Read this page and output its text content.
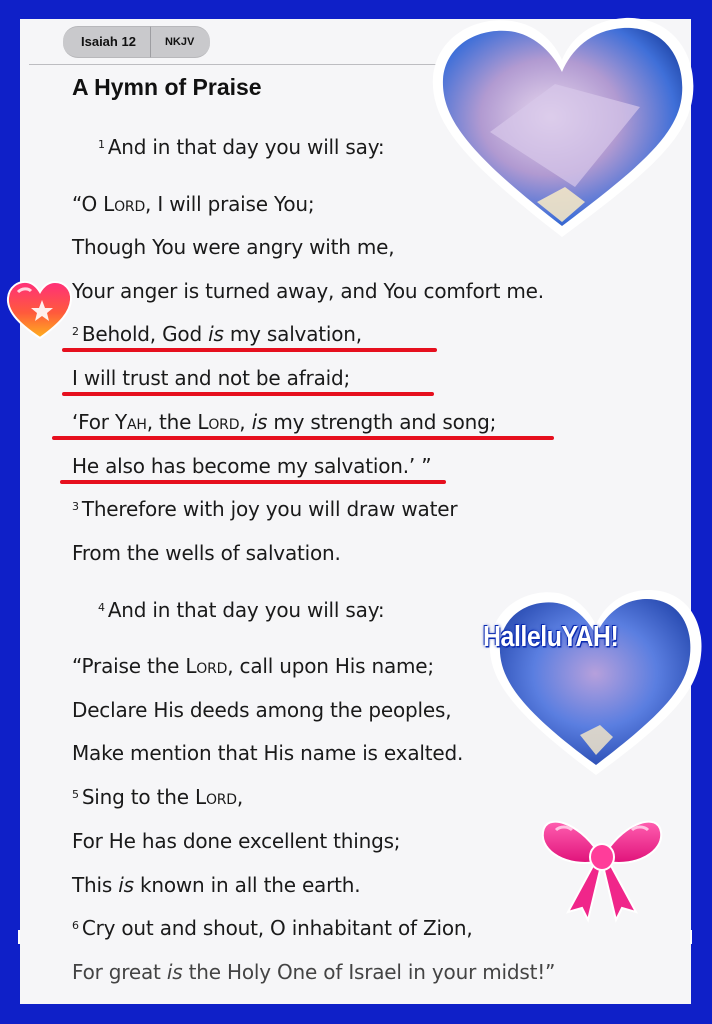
Isaiah 12	NKJV
A Hymn of Praise
$^1$ And in that day you will say:
“O Lord, I will praise You;
Though You were angry with me,
Your anger is turned away, and You comfort me.
$^2$ Behold, God is my salvation,
I will trust and not be afraid;
‘For Yah, the Lord, is my strength and song;
He also has become my salvation.’ ”
$^3$ Therefore with joy you will draw water
From the wells of salvation.
$^4$ And in that day you will say:
“Praise the Lord, call upon His name;
Declare His deeds among the peoples,
Make mention that His name is exalted.
$^5$ Sing to the Lord,
For He has done excellent things;
This is known in all the earth.
$^6$ Cry out and shout, O inhabitant of Zion,
For great is the Holy One of Israel in your midst!”
HalleluYAH!
